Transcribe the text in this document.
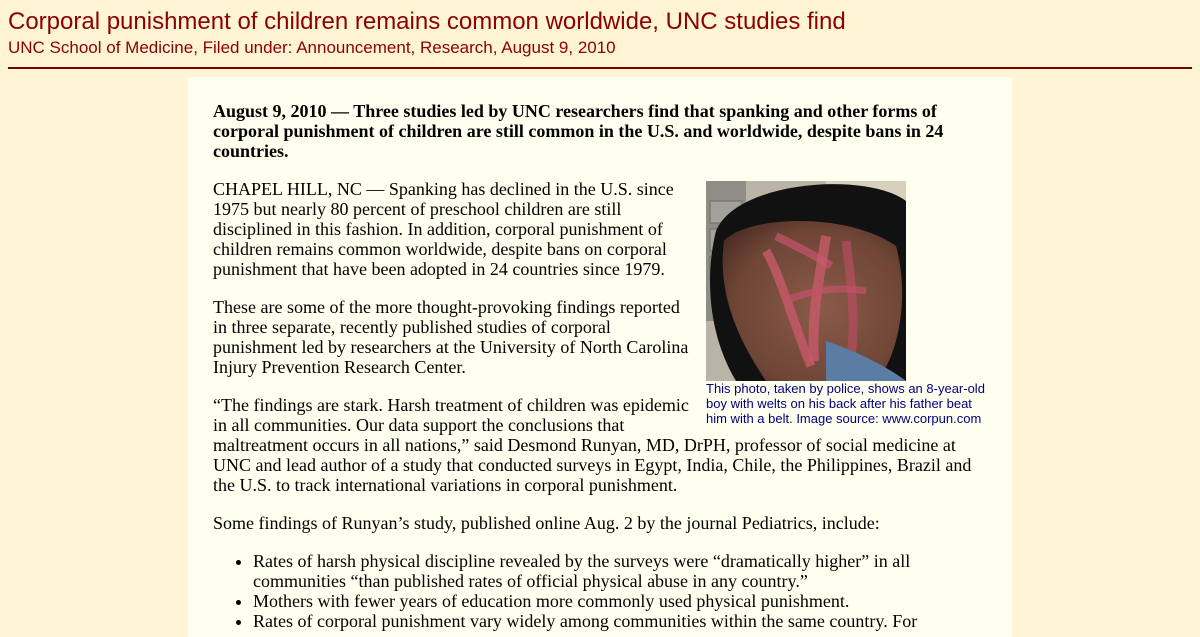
Corporal punishment of children remains common worldwide, UNC studies find
UNC School of Medicine, Filed under: Announcement, Research, August 9, 2010

August 9, 2010 — Three studies led by UNC researchers find that spanking and other forms of corporal punishment of children are still common in the U.S. and worldwide, despite bans in 24 countries.

This photo, taken by police, shows an 8-year-old boy with welts on his back after his father beat him with a belt. Image source: www.corpun.com

CHAPEL HILL, NC — Spanking has declined in the U.S. since 1975 but nearly 80 percent of preschool children are still disciplined in this fashion. In addition, corporal punishment of children remains common worldwide, despite bans on corporal punishment that have been adopted in 24 countries since 1979.

These are some of the more thought-provoking findings reported in three separate, recently published studies of corporal punishment led by researchers at the University of North Carolina Injury Prevention Research Center.

“The findings are stark. Harsh treatment of children was epidemic in all communities. Our data support the conclusions that maltreatment occurs in all nations,” said Desmond Runyan, MD, DrPH, professor of social medicine at UNC and lead author of a study that conducted surveys in Egypt, India, Chile, the Philippines, Brazil and the U.S. to track international variations in corporal punishment.

Some findings of Runyan’s study, published online Aug. 2 by the journal Pediatrics, include:

• Rates of harsh physical discipline revealed by the surveys were “dramatically higher” in all communities “than published rates of official physical abuse in any country.”
• Mothers with fewer years of education more commonly used physical punishment.
• Rates of corporal punishment vary widely among communities within the same country. For
